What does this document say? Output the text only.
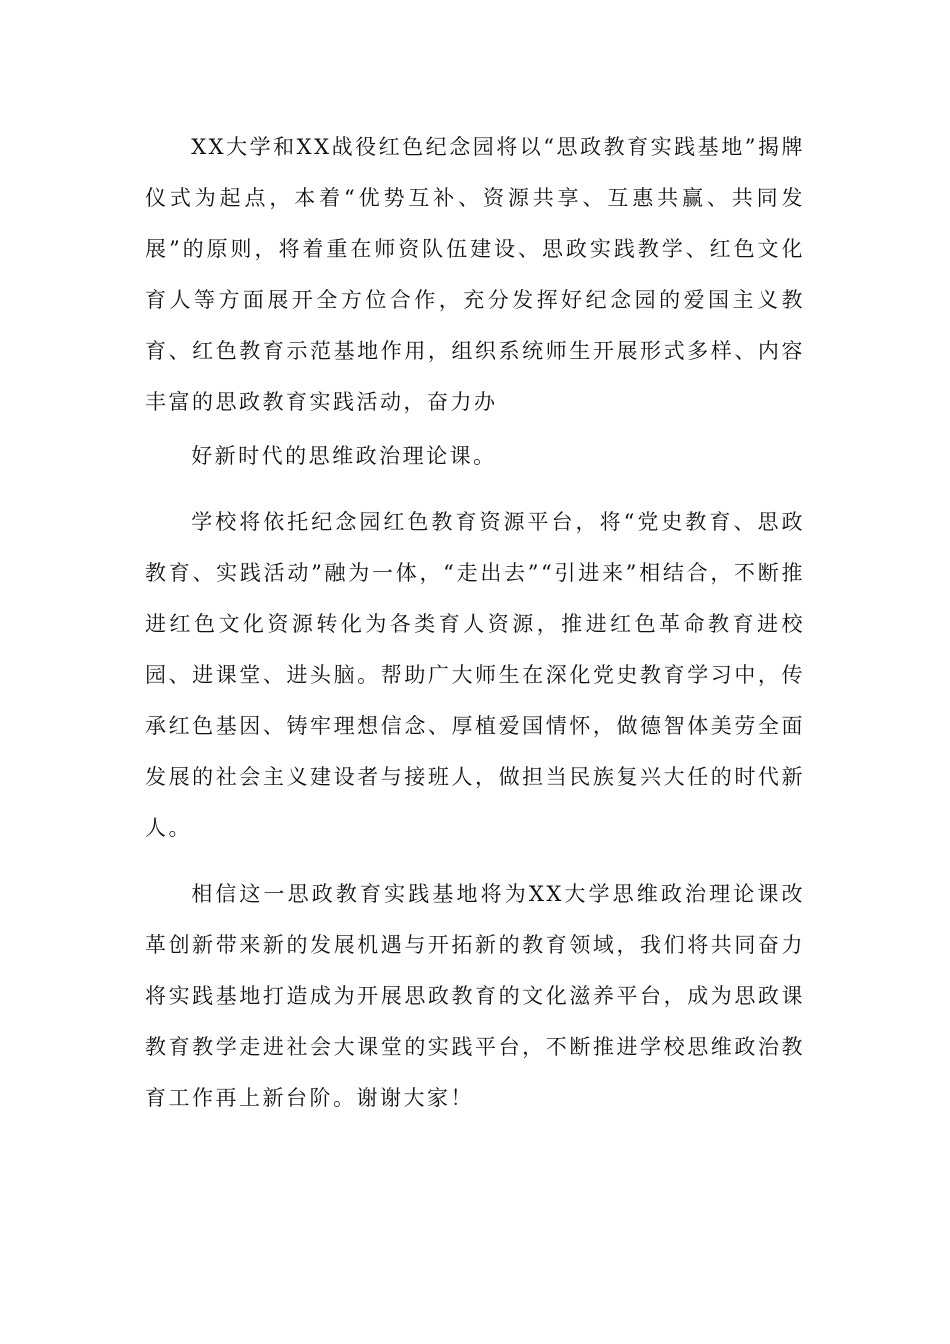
XX大学和XX战役红色纪念园将以“思政教育实践基地”揭牌仪式为起点，本着“优势互补、资源共享、互惠共赢、共同发展”的原则，将着重在师资队伍建设、思政实践教学、红色文化育人等方面展开全方位合作，充分发挥好纪念园的爱国主义教育、红色教育示范基地作用，组织系统师生开展形式多样、内容丰富的思政教育实践活动，奋力办

好新时代的思维政治理论课。

学校将依托纪念园红色教育资源平台，将“党史教育、思政教育、实践活动”融为一体，“走出去”“引进来”相结合，不断推进红色文化资源转化为各类育人资源，推进红色革命教育进校园、进课堂、进头脑。帮助广大师生在深化党史教育学习中，传承红色基因、铸牢理想信念、厚植爱国情怀，做德智体美劳全面发展的社会主义建设者与接班人，做担当民族复兴大任的时代新人。

相信这一思政教育实践基地将为XX大学思维政治理论课改革创新带来新的发展机遇与开拓新的教育领域，我们将共同奋力将实践基地打造成为开展思政教育的文化滋养平台，成为思政课教育教学走进社会大课堂的实践平台，不断推进学校思维政治教育工作再上新台阶。谢谢大家！
